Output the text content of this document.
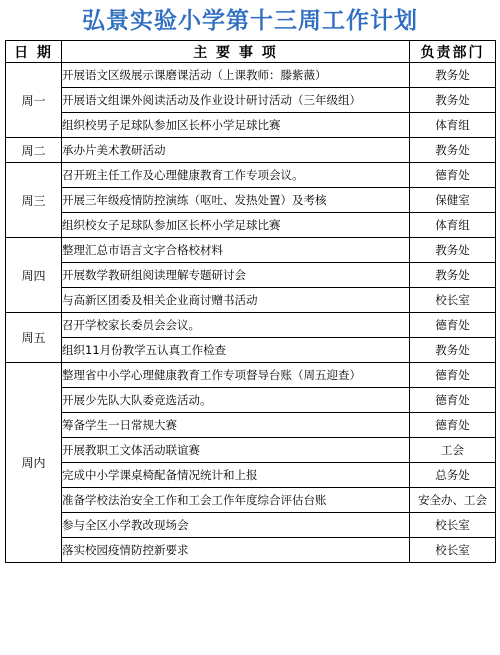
弘景实验小学第十三周工作计划
日 期	主 要 事 项	负责部门
周一	开展语文区级展示课磨课活动（上课教师：滕紫薇）	教务处
	开展语文组课外阅读活动及作业设计研讨活动（三年级组）	教务处
	组织校男子足球队参加区长杯小学足球比赛	体育组
周二	承办片美术教研活动	教务处
周三	召开班主任工作及心理健康教育工作专项会议。	德育处
	开展三年级疫情防控演练（呕吐、发热处置）及考核	保健室
	组织校女子足球队参加区长杯小学足球比赛	体育组
周四	整理汇总市语言文字合格校材料	教务处
	开展数学教研组阅读理解专题研讨会	教务处
	与高新区团委及相关企业商讨赠书活动	校长室
周五	召开学校家长委员会会议。	德育处
	组织11月份教学五认真工作检查	教务处
周内	整理省中小学心理健康教育工作专项督导台账（周五迎查）	德育处
	开展少先队大队委竞选活动。	德育处
	筹备学生一日常规大赛	德育处
	开展教职工文体活动联谊赛	工会
	完成中小学课桌椅配备情况统计和上报	总务处
	准备学校法治安全工作和工会工作年度综合评估台账	安全办、工会
	参与全区小学教改现场会	校长室
	落实校园疫情防控新要求	校长室
